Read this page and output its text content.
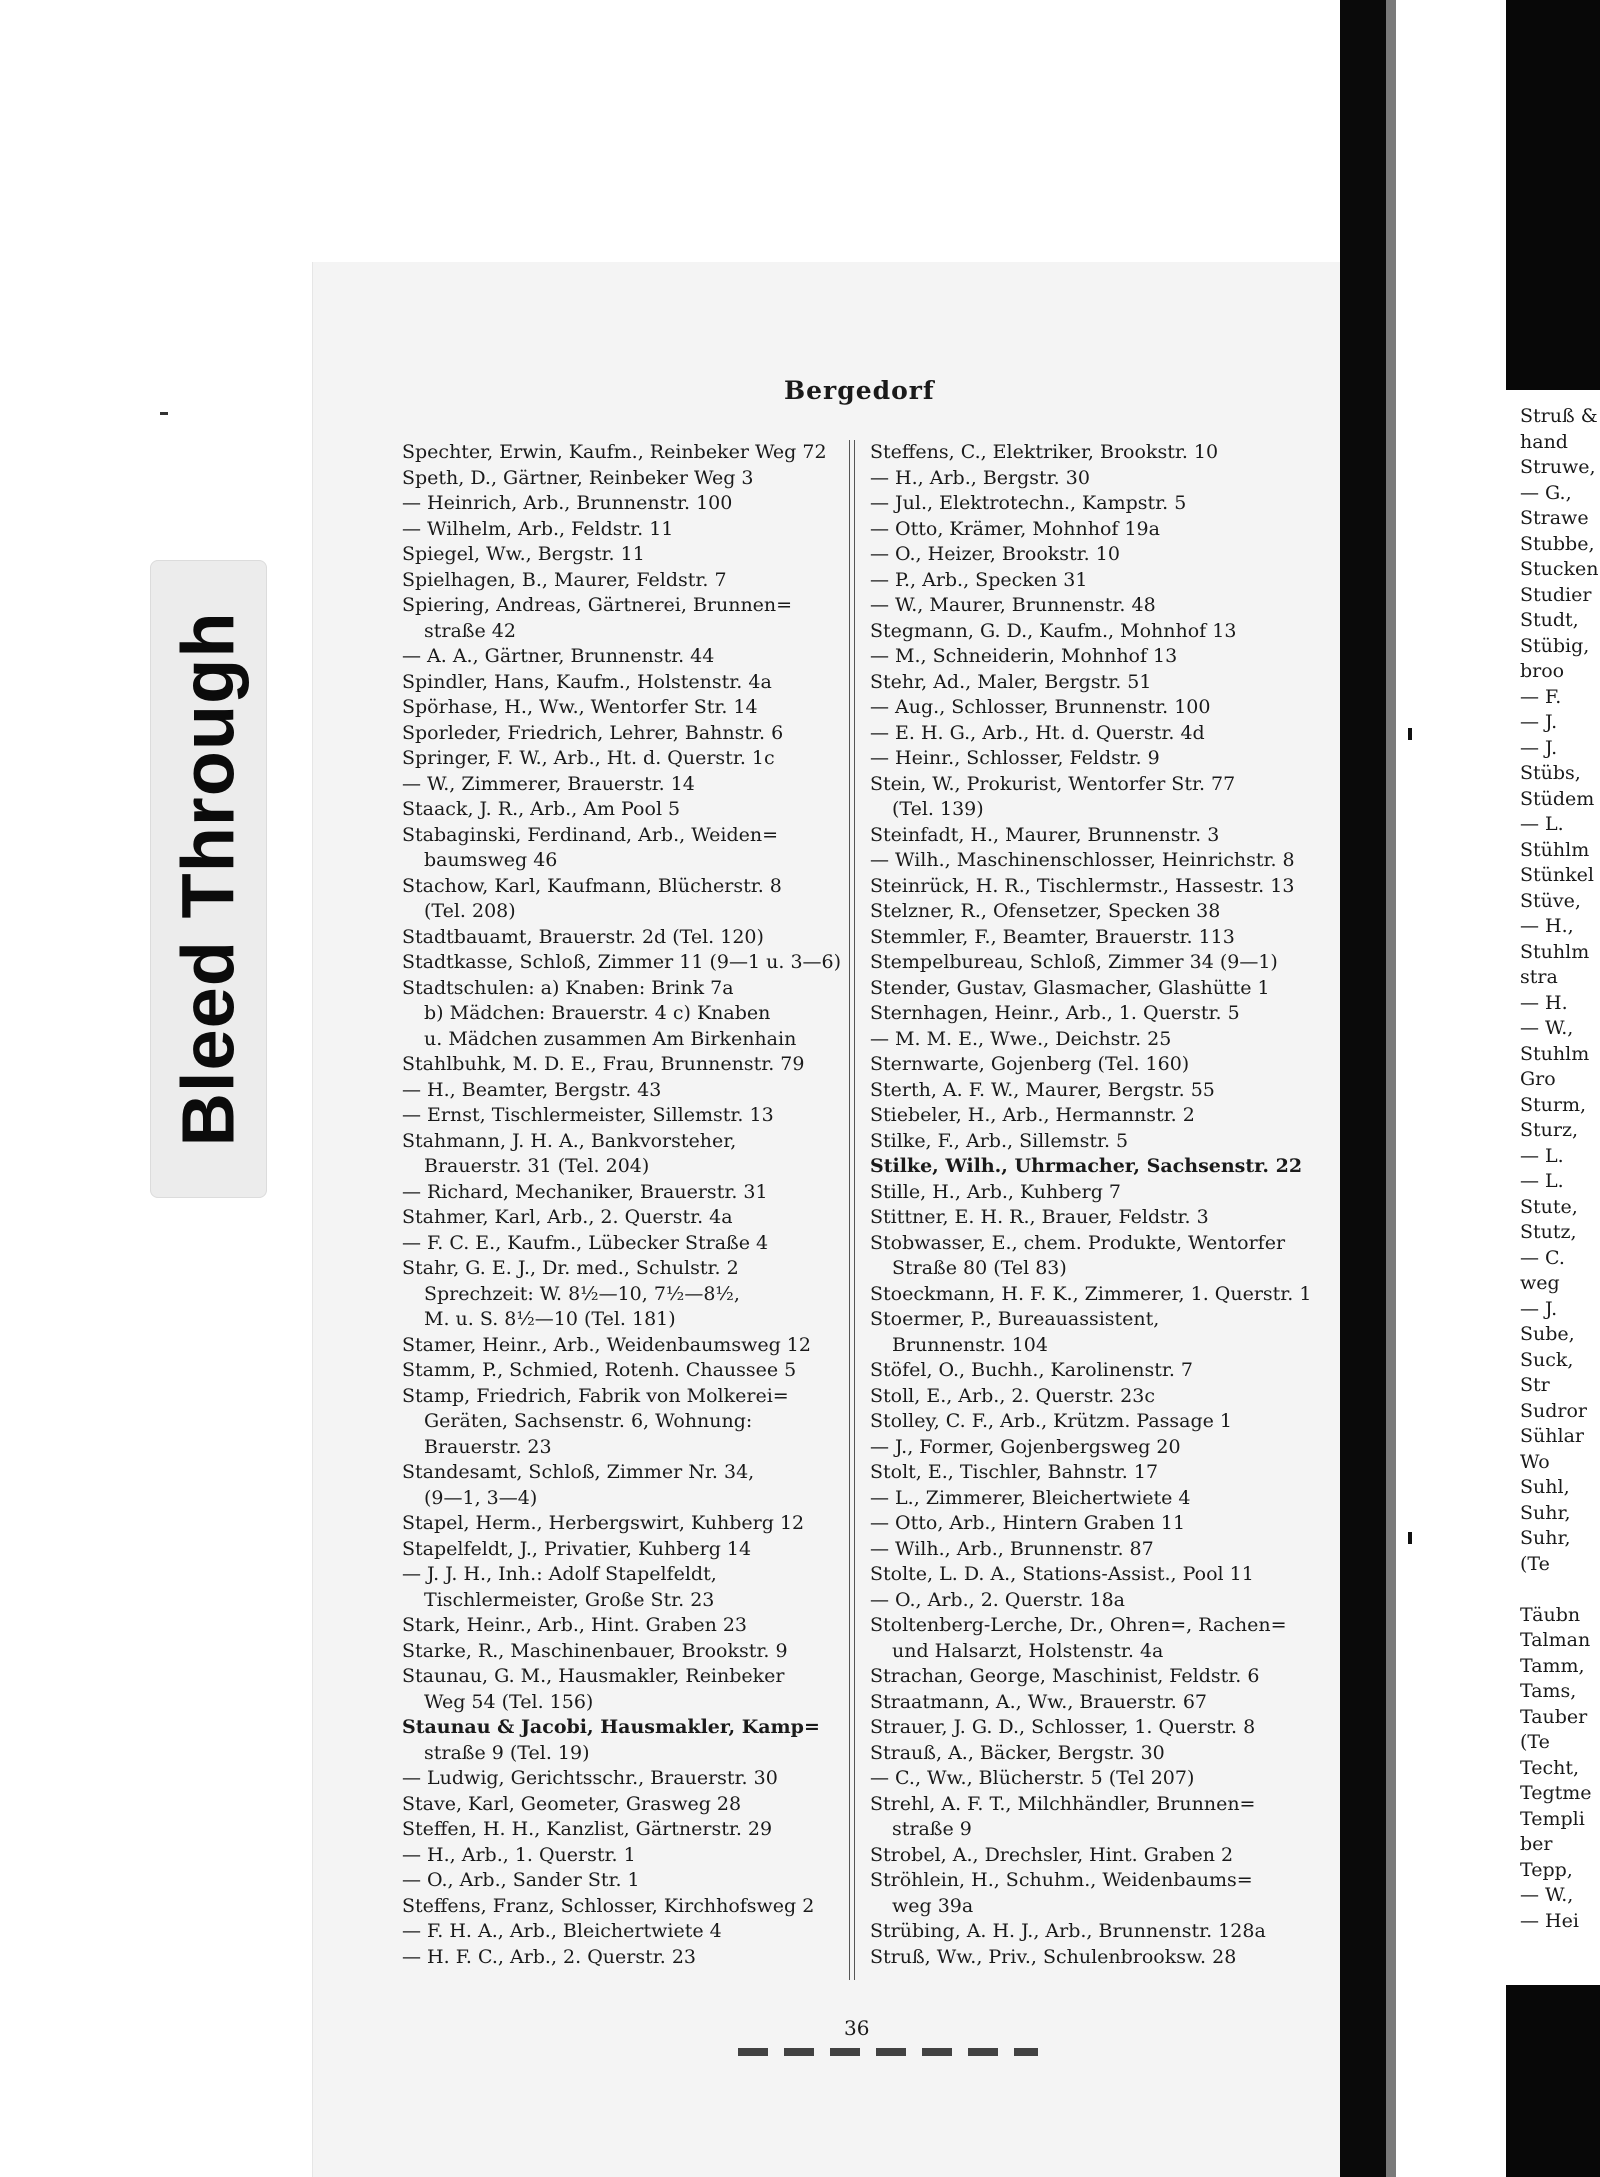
Bleed Through
Bergedorf
Spechter, Erwin, Kaufm., Reinbeker Weg 72
Speth, D., Gärtner, Reinbeker Weg 3
— Heinrich, Arb., Brunnenstr. 100
— Wilhelm, Arb., Feldstr. 11
Spiegel, Ww., Bergstr. 11
Spielhagen, B., Maurer, Feldstr. 7
Spiering, Andreas, Gärtnerei, Brunnen=
straße 42
— A. A., Gärtner, Brunnenstr. 44
Spindler, Hans, Kaufm., Holstenstr. 4a
Spörhase, H., Ww., Wentorfer Str. 14
Sporleder, Friedrich, Lehrer, Bahnstr. 6
Springer, F. W., Arb., Ht. d. Querstr. 1c
— W., Zimmerer, Brauerstr. 14
Staack, J. R., Arb., Am Pool 5
Stabaginski, Ferdinand, Arb., Weiden=
baumsweg 46
Stachow, Karl, Kaufmann, Blücherstr. 8
(Tel. 208)
Stadtbauamt, Brauerstr. 2d (Tel. 120)
Stadtkasse, Schloß, Zimmer 11 (9—1 u. 3—6)
Stadtschulen: a) Knaben: Brink 7a
b) Mädchen: Brauerstr. 4 c) Knaben
u. Mädchen zusammen Am Birkenhain
Stahlbuhk, M. D. E., Frau, Brunnenstr. 79
— H., Beamter, Bergstr. 43
— Ernst, Tischlermeister, Sillemstr. 13
Stahmann, J. H. A., Bankvorsteher,
Brauerstr. 31 (Tel. 204)
— Richard, Mechaniker, Brauerstr. 31
Stahmer, Karl, Arb., 2. Querstr. 4a
— F. C. E., Kaufm., Lübecker Straße 4
Stahr, G. E. J., Dr. med., Schulstr. 2
Sprechzeit: W. 8½—10, 7½—8½,
M. u. S. 8½—10 (Tel. 181)
Stamer, Heinr., Arb., Weidenbaumsweg 12
Stamm, P., Schmied, Rotenh. Chaussee 5
Stamp, Friedrich, Fabrik von Molkerei=
Geräten, Sachsenstr. 6, Wohnung:
Brauerstr. 23
Standesamt, Schloß, Zimmer Nr. 34,
(9—1, 3—4)
Stapel, Herm., Herbergswirt, Kuhberg 12
Stapelfeldt, J., Privatier, Kuhberg 14
— J. J. H., Inh.: Adolf Stapelfeldt,
Tischlermeister, Große Str. 23
Stark, Heinr., Arb., Hint. Graben 23
Starke, R., Maschinenbauer, Brookstr. 9
Staunau, G. M., Hausmakler, Reinbeker
Weg 54 (Tel. 156)
Staunau & Jacobi, Hausmakler, Kamp=
straße 9 (Tel. 19)
— Ludwig, Gerichtsschr., Brauerstr. 30
Stave, Karl, Geometer, Grasweg 28
Steffen, H. H., Kanzlist, Gärtnerstr. 29
— H., Arb., 1. Querstr. 1
— O., Arb., Sander Str. 1
Steffens, Franz, Schlosser, Kirchhofsweg 2
— F. H. A., Arb., Bleichertwiete 4
— H. F. C., Arb., 2. Querstr. 23
Steffens, C., Elektriker, Brookstr. 10
— H., Arb., Bergstr. 30
— Jul., Elektrotechn., Kampstr. 5
— Otto, Krämer, Mohnhof 19a
— O., Heizer, Brookstr. 10
— P., Arb., Specken 31
— W., Maurer, Brunnenstr. 48
Stegmann, G. D., Kaufm., Mohnhof 13
— M., Schneiderin, Mohnhof 13
Stehr, Ad., Maler, Bergstr. 51
— Aug., Schlosser, Brunnenstr. 100
— E. H. G., Arb., Ht. d. Querstr. 4d
— Heinr., Schlosser, Feldstr. 9
Stein, W., Prokurist, Wentorfer Str. 77
(Tel. 139)
Steinfadt, H., Maurer, Brunnenstr. 3
— Wilh., Maschinenschlosser, Heinrichstr. 8
Steinrück, H. R., Tischlermstr., Hassestr. 13
Stelzner, R., Ofensetzer, Specken 38
Stemmler, F., Beamter, Brauerstr. 113
Stempelbureau, Schloß, Zimmer 34 (9—1)
Stender, Gustav, Glasmacher, Glashütte 1
Sternhagen, Heinr., Arb., 1. Querstr. 5
— M. M. E., Wwe., Deichstr. 25
Sternwarte, Gojenberg (Tel. 160)
Sterth, A. F. W., Maurer, Bergstr. 55
Stiebeler, H., Arb., Hermannstr. 2
Stilke, F., Arb., Sillemstr. 5
Stilke, Wilh., Uhrmacher, Sachsenstr. 22
Stille, H., Arb., Kuhberg 7
Stittner, E. H. R., Brauer, Feldstr. 3
Stobwasser, E., chem. Produkte, Wentorfer
Straße 80 (Tel 83)
Stoeckmann, H. F. K., Zimmerer, 1. Querstr. 1
Stoermer, P., Bureauassistent,
Brunnenstr. 104
Stöfel, O., Buchh., Karolinenstr. 7
Stoll, E., Arb., 2. Querstr. 23c
Stolley, C. F., Arb., Krützm. Passage 1
— J., Former, Gojenbergsweg 20
Stolt, E., Tischler, Bahnstr. 17
— L., Zimmerer, Bleichertwiete 4
— Otto, Arb., Hintern Graben 11
— Wilh., Arb., Brunnenstr. 87
Stolte, L. D. A., Stations-Assist., Pool 11
— O., Arb., 2. Querstr. 18a
Stoltenberg-Lerche, Dr., Ohren=, Rachen=
und Halsarzt, Holstenstr. 4a
Strachan, George, Maschinist, Feldstr. 6
Straatmann, A., Ww., Brauerstr. 67
Strauer, J. G. D., Schlosser, 1. Querstr. 8
Strauß, A., Bäcker, Bergstr. 30
— C., Ww., Blücherstr. 5 (Tel 207)
Strehl, A. F. T., Milchhändler, Brunnen=
straße 9
Strobel, A., Drechsler, Hint. Graben 2
Ströhlein, H., Schuhm., Weidenbaums=
weg 39a
Strübing, A. H. J., Arb., Brunnenstr. 128a
Struß, Ww., Priv., Schulenbrooksw. 28
36
Struß &
hand
Struwe,
— G.,
Strawe
Stubbe,
Stucken
Studier
Studt,
Stübig,
broo
— F.
— J.
— J.
Stübs,
Stüdem
— L.
Stühlm
Stünkel
Stüve,
— H.,
Stuhlm
stra
— H.
— W.,
Stuhlm
Gro
Sturm,
Sturz,
— L.
— L.
Stute,
Stutz,
— C.
weg
— J.
Sube,
Suck,
Str
Sudror
Sühlar
Wo
Suhl,
Suhr,
Suhr,
(Te

Täubn
Talman
Tamm,
Tams,
Tauber
(Te
Techt,
Tegtme
Templi
ber
Tepp,
— W.,
— Hei
